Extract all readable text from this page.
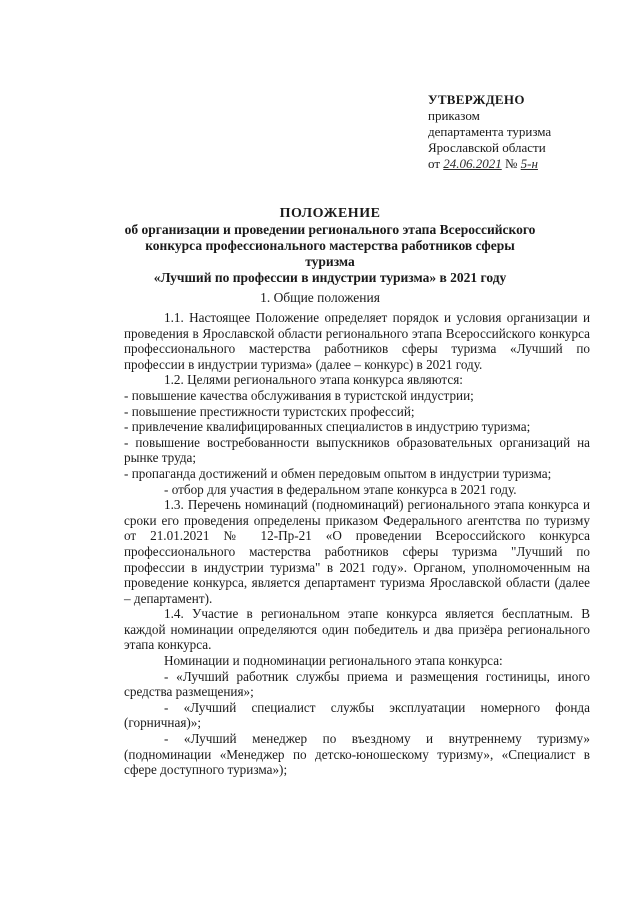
УТВЕРЖДЕНО
приказом
департамента туризма
Ярославской области
от 24.06.2021 № 5-н
ПОЛОЖЕНИЕ
об организации и проведении регионального этапа Всероссийского
конкурса профессионального мастерства работников сферы туризма
«Лучший по профессии в индустрии туризма» в 2021 году
1. Общие положения

1.1. Настоящее Положение определяет порядок и условия организации и проведения в Ярославской области регионального этапа Всероссийского конкурса профессионального мастерства работников сферы туризма «Лучший по профессии в индустрии туризма» (далее – конкурс) в 2021 году.

1.2. Целями регионального этапа конкурса являются:

- повышение качества обслуживания в туристской индустрии;

- повышение престижности туристских профессий;

- привлечение квалифицированных специалистов в индустрию туризма;

- повышение востребованности выпускников образовательных организаций на рынке труда;

- пропаганда достижений и обмен передовым опытом в индустрии туризма;

- отбор для участия в федеральном этапе конкурса в 2021 году.

1.3. Перечень номинаций (подноминаций) регионального этапа конкурса и сроки его проведения определены приказом Федерального агентства по туризму от 21.01.2021 № 12-Пр-21 «О проведении Всероссийского конкурса профессионального мастерства работников сферы туризма "Лучший по профессии в индустрии туризма" в 2021 году». Органом, уполномоченным на проведение конкурса, является департамент туризма Ярославской области (далее – департамент).

1.4. Участие в региональном этапе конкурса является бесплатным. В каждой номинации определяются один победитель и два призёра регионального этапа конкурса.

Номинации и подноминации регионального этапа конкурса:

- «Лучший работник службы приема и размещения гостиницы, иного средства размещения»;

- «Лучший специалист службы эксплуатации номерного фонда (горничная)»;

- «Лучший менеджер по въездному и внутреннему туризму» (подноминации «Менеджер по детско-юношескому туризму», «Специалист в сфере доступного туризма»);
